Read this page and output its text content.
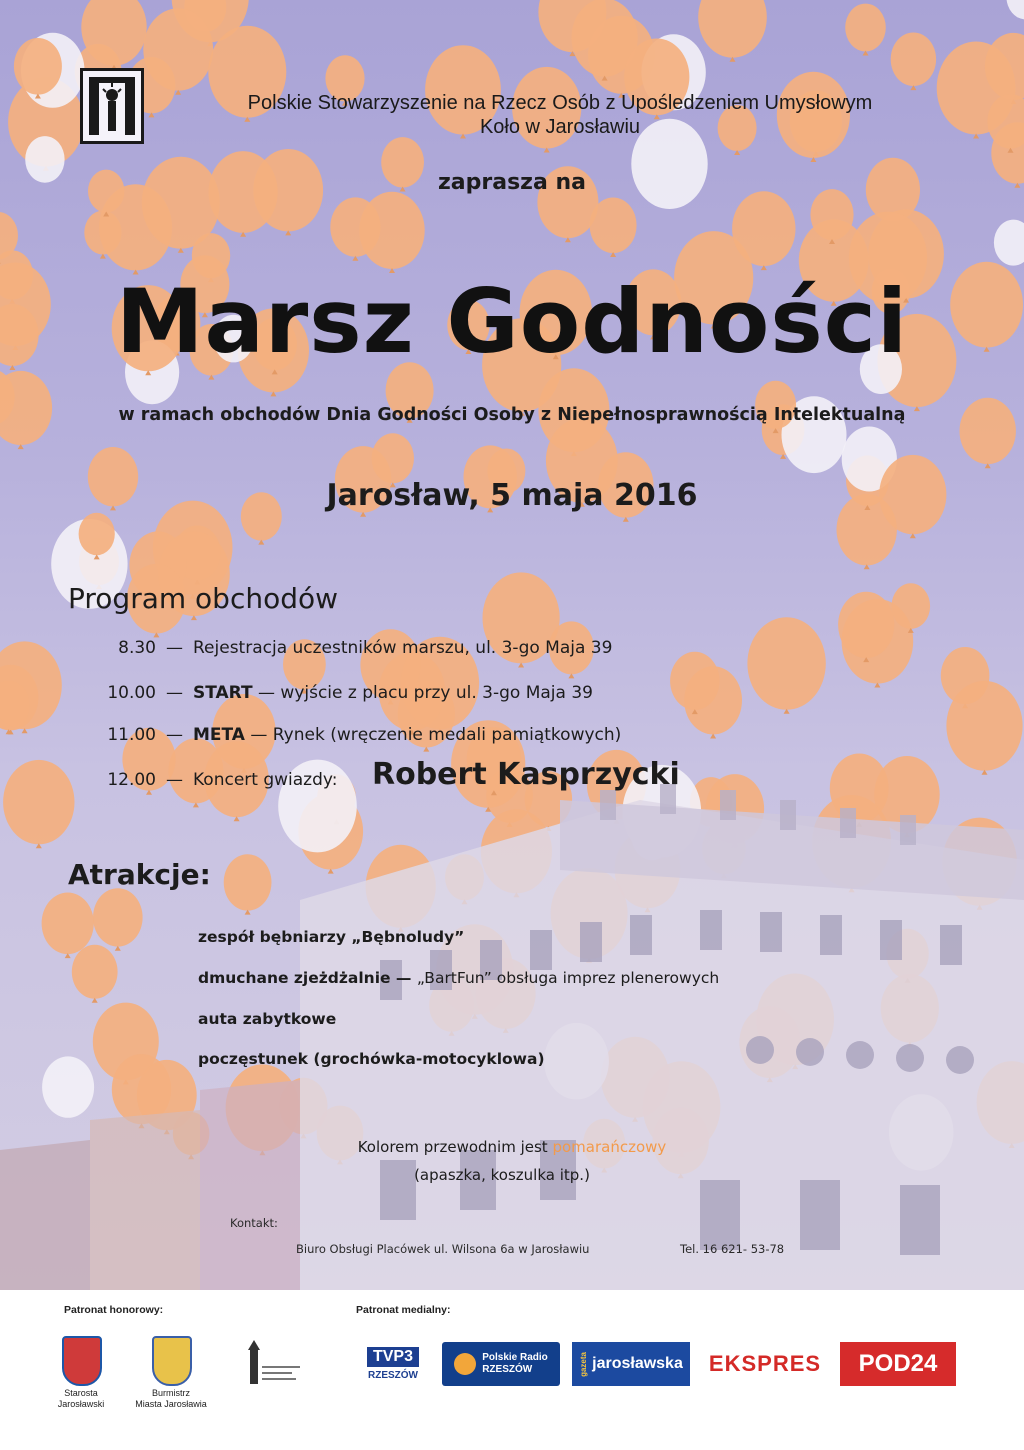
Polskie Stowarzyszenie na Rzecz Osób z Upośledzeniem Umysłowym
Koło w Jarosławiu
zaprasza na
Marsz Godności
w ramach obchodów Dnia Godności Osoby z Niepełnosprawnością Intelektualną
Jarosław, 5 maja 2016
Program obchodów
8.30 — Rejestracja uczestników marszu, ul. 3-go Maja 39
10.00 — START — wyjście z placu przy ul. 3-go Maja 39
11.00 — META — Rynek (wręczenie medali pamiątkowych)
12.00 — Koncert gwiazdy: Robert Kasprzycki
Atrakcje:
zespół bębniarzy „Bębnoludy”
dmuchane zjeżdżalnie — „BartFun” obsługa imprez plenerowych
auta zabytkowe
poczęstunek (grochówka-motocyklowa)
Kolorem przewodnim jest pomarańczowy
(apaszka, koszulka itp.)
Kontakt:
Biuro Obsługi Placówek ul. Wilsona 6a w Jarosławiu	Tel. 16 621- 53-78
Patronat honorowy:	Patronat medialny:
Starosta
Jarosławski
Burmistrz
Miasta Jarosławia
TVP3
RZESZÓW
Polskie Radio
RZESZÓW	gazeta jarosławska EKSPRES POD24
